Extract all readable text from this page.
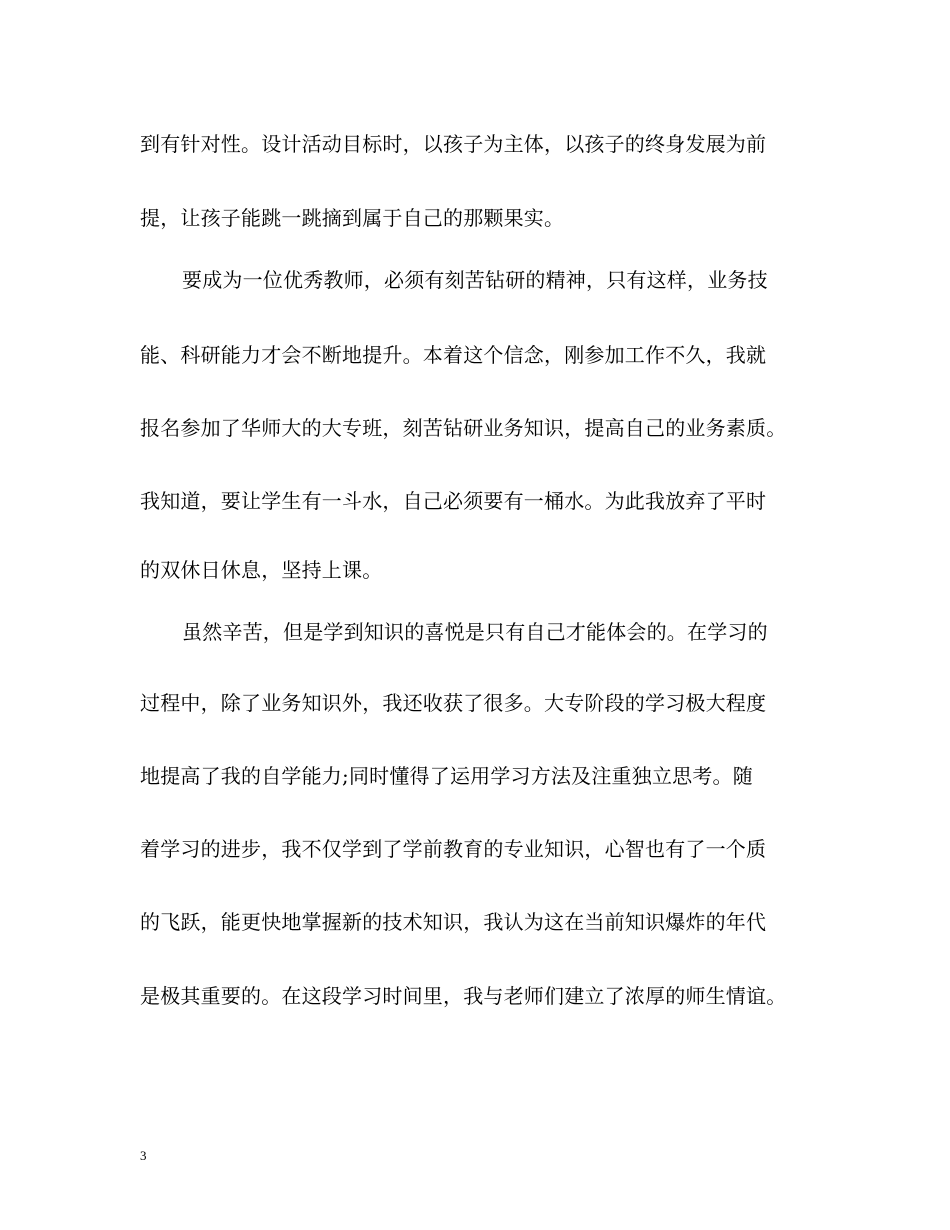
到有针对性。设计活动目标时，以孩子为主体，以孩子的终身发展为前
提，让孩子能跳一跳摘到属于自己的那颗果实。
要成为一位优秀教师，必须有刻苦钻研的精神，只有这样，业务技
能、科研能力才会不断地提升。本着这个信念，刚参加工作不久，我就
报名参加了华师大的大专班，刻苦钻研业务知识，提高自己的业务素质。
我知道，要让学生有一斗水，自己必须要有一桶水。为此我放弃了平时
的双休日休息，坚持上课。
虽然辛苦，但是学到知识的喜悦是只有自己才能体会的。在学习的
过程中，除了业务知识外，我还收获了很多。大专阶段的学习极大程度
地提高了我的自学能力;同时懂得了运用学习方法及注重独立思考。随
着学习的进步，我不仅学到了学前教育的专业知识，心智也有了一个质
的飞跃，能更快地掌握新的技术知识，我认为这在当前知识爆炸的年代
是极其重要的。在这段学习时间里，我与老师们建立了浓厚的师生情谊。
3
